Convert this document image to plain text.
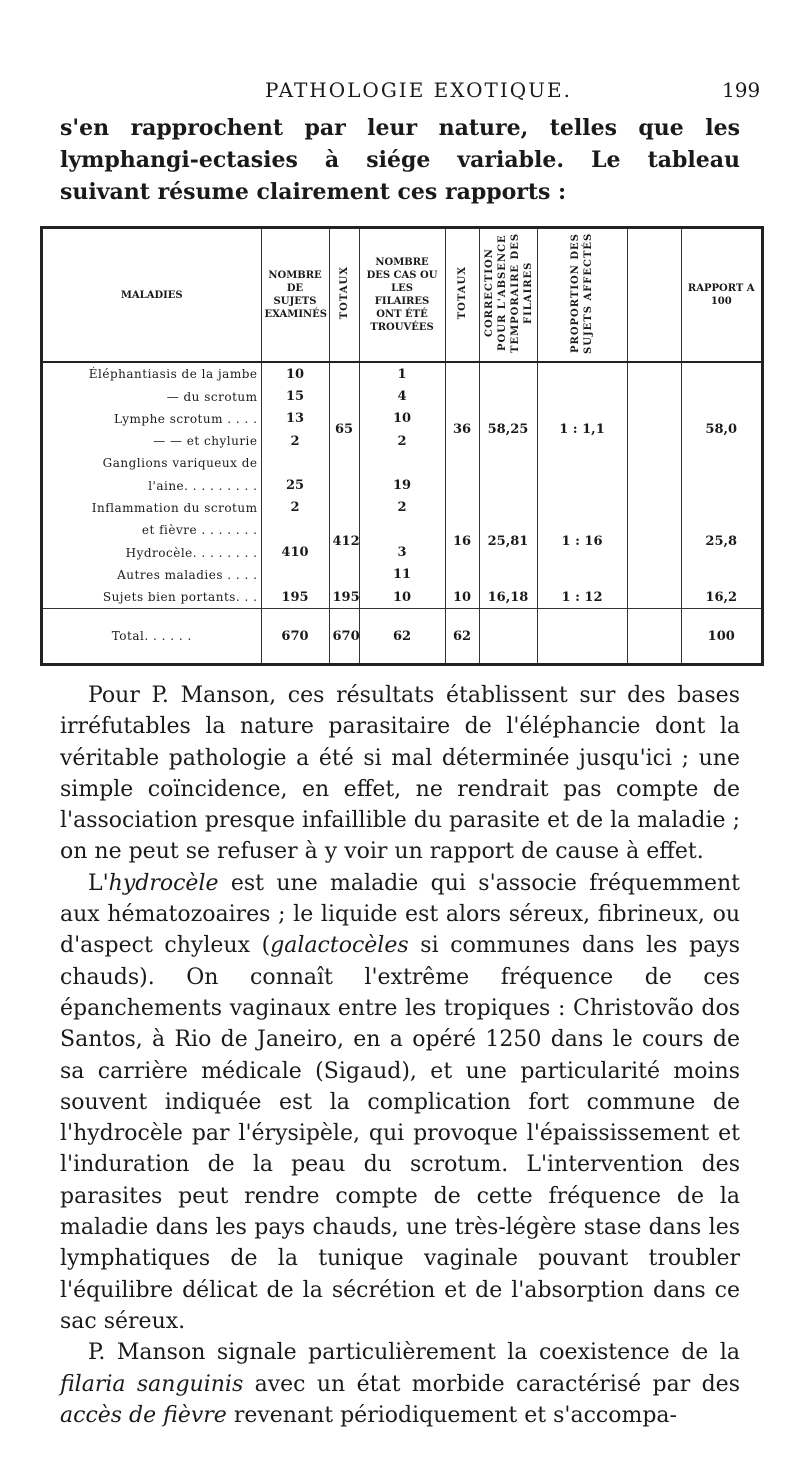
PATHOLOGIE EXOTIQUE.	199

s'en rapprochent par leur nature, telles que les lymphangi-ectasies à siége variable. Le tableau suivant résume clairement ces rapports :

MALADIES	NOMBRE DE SUJETS EXAMINÉS	TOTAUX	NOMBRE DES CAS OU LES FILAIRES ONT ÉTÉ TROUVÉES	TOTAUX	CORRECTION POUR L'ABSENCE TEMPORAIRE DES FILAIRES	PROPORTION DES SUJETS AFFECTÉS		RAPPORT A 100
Éléphantiasis de la jambe	10	65	1	36	58,25	1 : 1,1		58,0
— du scrotum	15		4					
Lymphe scrotum . . . .	13		10					
— — et chylurie	2		2					
Ganglions variqueux de								
l'aine. . . . . . . . .	25		19					
Inflammation du scrotum	2	412	2	16	25,81	1 : 16		25,8
et fièvre . . . . . . .								
Hydrocèle. . . . . . . .	410		3					
Autres maladies . . . .			11					
Sujets bien portants. . .	195	195	10	10	16,18	1 : 12		16,2
Total. . . . . .	670	670	62	62				100

Pour P. Manson, ces résultats établissent sur des bases irréfutables la nature parasitaire de l'éléphancie dont la véritable pathologie a été si mal déterminée jusqu'ici ; une simple coïncidence, en effet, ne rendrait pas compte de l'association presque infaillible du parasite et de la maladie ; on ne peut se refuser à y voir un rapport de cause à effet.

L'hydrocèle est une maladie qui s'associe fréquemment aux hématozoaires ; le liquide est alors séreux, fibrineux, ou d'aspect chyleux (galactocèles si communes dans les pays chauds). On connaît l'extrême fréquence de ces épanchements vaginaux entre les tropiques : Christovão dos Santos, à Rio de Janeiro, en a opéré 1250 dans le cours de sa carrière médicale (Sigaud), et une particularité moins souvent indiquée est la complication fort commune de l'hydrocèle par l'érysipèle, qui provoque l'épaississement et l'induration de la peau du scrotum. L'intervention des parasites peut rendre compte de cette fréquence de la maladie dans les pays chauds, une très-légère stase dans les lymphatiques de la tunique vaginale pouvant troubler l'équilibre délicat de la sécrétion et de l'absorption dans ce sac séreux.

P. Manson signale particulièrement la coexistence de la filaria sanguinis avec un état morbide caractérisé par des accès de fièvre revenant périodiquement et s'accompa-
